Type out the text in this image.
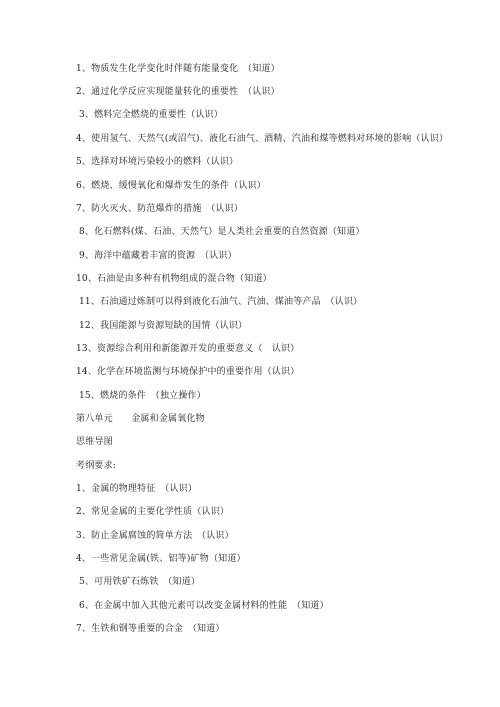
1、物质发生化学变化时伴随有能量变化　（知道）
2、通过化学反应实现能量转化的重要性　（认识）
3、燃料完全燃烧的重要性（认识）
4、使用氢气、天然气(或沼气)、液化石油气、酒精、汽油和煤等燃料对环境的影响（认识）
5、选择对环境污染较小的燃料（认识）
6、燃烧、缓慢氧化和爆炸发生的条件（认识）
7、防火灭火、防范爆炸的措施　（认识）
8、化石燃料(煤、石油、天然气）是人类社会重要的自然资源（知道）
9、海洋中蕴藏着丰富的资源　（认识）
10、石油是由多种有机物组成的混合物（知道）
11、石油通过炼制可以得到液化石油气、汽油、煤油等产品　（认识）
12、我国能源与资源短缺的国情（认识）
13、资源综合利用和新能源开发的重要意义（　认识）
14、化学在环境监测与环境保护中的重要作用（认识）
15、燃烧的条件　（独立操作）
第八单元　　金属和金属氧化物
思维导图
考纲要求:
1、金属的物理特征　（认识）
2、常见金属的主要化学性质（认识）
3、防止金属腐蚀的简单方法　（认识）
4、一些常见金属(铁、铝等)矿物（知道）
5、可用铁矿石炼铁　（知道）
6、在金属中加入其他元素可以改变金属材料的性能　（知道）
7、生铁和钢等重要的合金　（知道）
